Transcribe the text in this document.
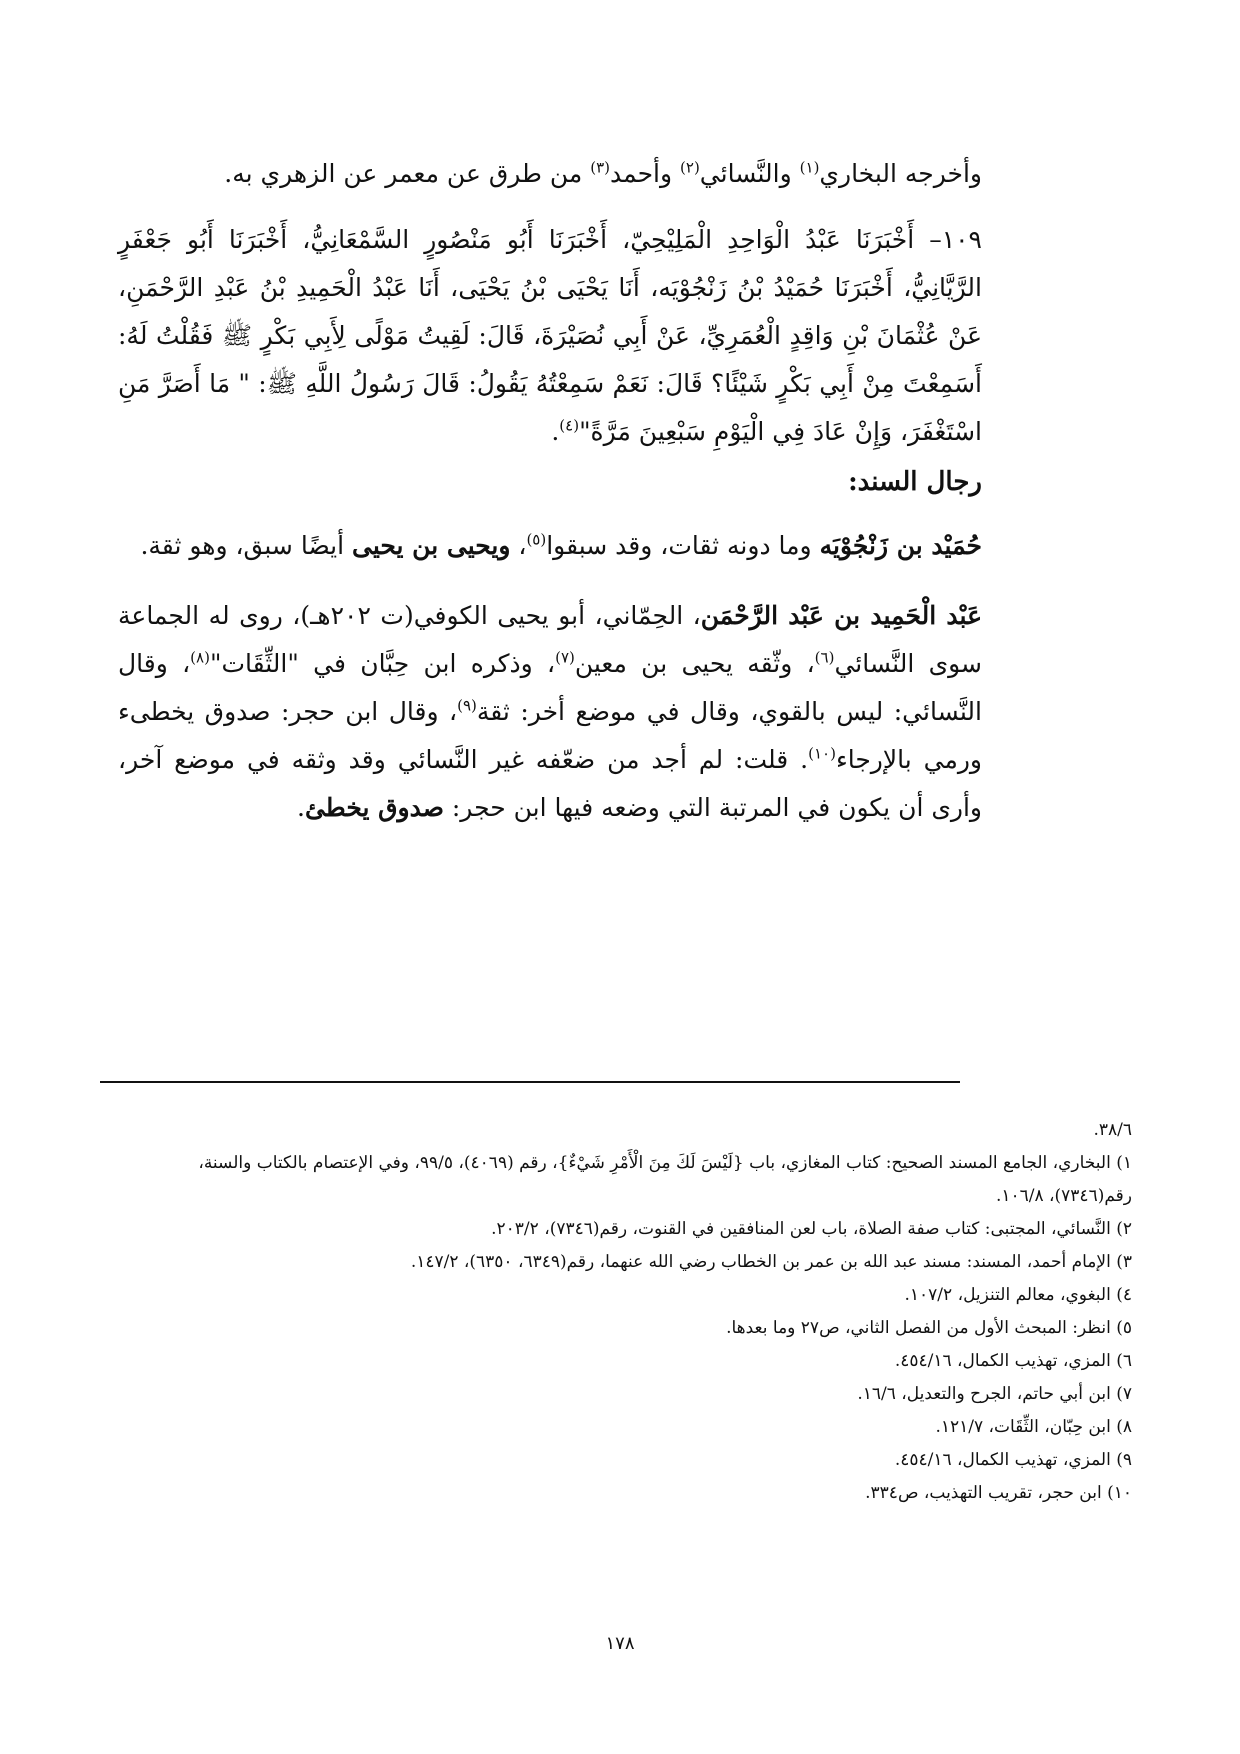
وأخرجه البخاري$^{(١)}$ والنَّسائي$^{(٢)}$ وأحمد$^{(٣)}$ من طرق عن معمر عن الزهري به.

١٠٩– أَخْبَرَنَا عَبْدُ الْوَاحِدِ الْمَلِيْحِيّ، أَخْبَرَنَا أَبُو مَنْصُورٍ السَّمْعَانِيُّ، أَخْبَرَنَا أَبُو جَعْفَرٍ الرَّيَّانِيُّ، أَخْبَرَنَا حُمَيْدُ بْنُ زَنْجُوْيَه، أَنَا يَحْيَى بْنُ يَحْيَى، أَنَا عَبْدُ الْحَمِيدِ بْنُ عَبْدِ الرَّحْمَنِ، عَنْ عُثْمَانَ بْنِ وَاقِدٍ الْعُمَرِيِّ، عَنْ أَبِي نُصَيْرَةَ، قَالَ: لَقِيتُ مَوْلًى لِأَبِي بَكْرٍ ﷺ فَقُلْتُ لَهُ: أَسَمِعْتَ مِنْ أَبِي بَكْرٍ شَيْئًا؟ قَالَ: نَعَمْ سَمِعْتُهُ يَقُولُ: قَالَ رَسُولُ اللَّهِ ﷺ: " مَا أَصَرَّ مَنِ اسْتَغْفَرَ، وَإِنْ عَادَ فِي الْيَوْمِ سَبْعِينَ مَرَّةً"$^{(٤)}$.

رجال السند:

حُمَيْد بن زَنْجُوْيَه وما دونه ثقات، وقد سبقوا$^{(٥)}$، ويحيى بن يحيى أيضًا سبق، وهو ثقة.

عَبْد الْحَمِيد بن عَبْد الرَّحْمَن، الحِمّاني، أبو يحيى الكوفي(ت ٢٠٢هـ)، روى له الجماعة سوى النَّسائي$^{(٦)}$، وثّقه يحيى بن معين$^{(٧)}$، وذكره ابن حِبَّان في "الثِّقَات"$^{(٨)}$، وقال النَّسائي: ليس بالقوي، وقال في موضع أخر: ثقة$^{(٩)}$، وقال ابن حجر: صدوق يخطىء ورمي بالإرجاء$^{(١٠)}$. قلت: لم أجد من ضعّفه غير النَّسائي وقد وثقه في موضع آخر، وأرى أن يكون في المرتبة التي وضعه فيها ابن حجر: صدوق يخطئ.

٣٨/٦.
١) البخاري، الجامع المسند الصحيح: كتاب المغازي، باب {لَيْسَ لَكَ مِنَ الْأَمْرِ شَيْءٌ}، رقم (٤٠٦٩)، ٩٩/٥، وفي الإعتصام بالكتاب والسنة، رقم(٧٣٤٦)، ١٠٦/٨.
٢) النَّسائي، المجتبى: كتاب صفة الصلاة، باب لعن المنافقين في القنوت، رقم(٧٣٤٦)، ٢٠٣/٢.
٣) الإمام أحمد، المسند: مسند عبد الله بن عمر بن الخطاب رضي الله عنهما، رقم(٦٣٤٩، ٦٣٥٠)، ١٤٧/٢.
٤) البغوي، معالم التنزيل، ١٠٧/٢.
٥) انظر: المبحث الأول من الفصل الثاني، ص٢٧ وما بعدها.
٦) المزي، تهذيب الكمال، ٤٥٤/١٦.
٧) ابن أبي حاتم، الجرح والتعديل، ١٦/٦.
٨) ابن حِبّان، الثِّقَات، ١٢١/٧.
٩) المزي، تهذيب الكمال، ٤٥٤/١٦.
١٠) ابن حجر، تقريب التهذيب، ص٣٣٤.
١٧٨
